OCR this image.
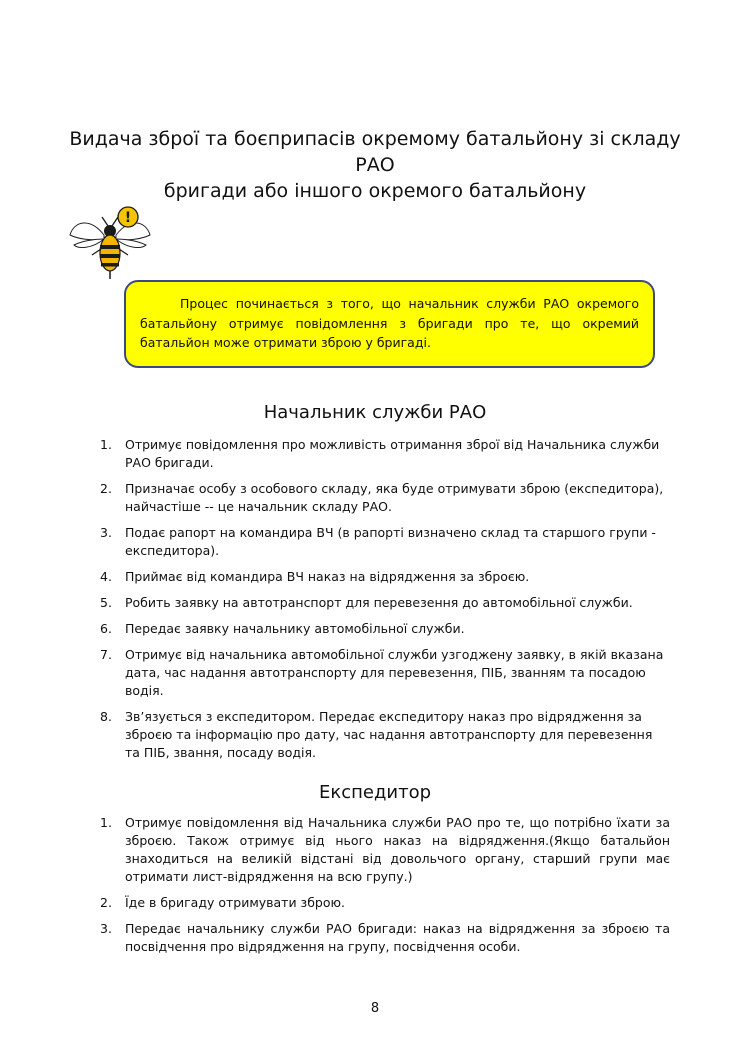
Видача зброї та боєприпасів окремому батальйону зі складу РАО
бригади або іншого окремого батальйону
!

Процес починається з того, що начальник служби РАО окремого батальйону отримує повідомлення з бригади про те, що окремий батальйон може отримати зброю у бригаді.

Начальник служби РАО
1. Отримує повідомлення про можливість отримання зброї від Начальника служби РАО бригади.
2. Призначає особу з особового складу, яка буде отримувати зброю (експедитора), найчастіше -- це начальник складу РАО.
3. Подає рапорт на командира ВЧ (в рапорті визначено склад та старшого групи - експедитора).
4. Приймає від командира ВЧ наказ на відрядження за зброєю.
5. Робить заявку на автотранспорт для перевезення до автомобільної служби.
6. Передає заявку начальнику автомобільної служби.
7. Отримує від начальника автомобільної служби узгоджену заявку, в якій вказана дата, час надання автотранспорту для перевезення, ПІБ, званням та посадою водія.
8. Зв’язується з експедитором. Передає експедитору наказ про відрядження за зброєю та інформацію про дату, час надання автотранспорту для перевезення та ПІБ, звання, посаду водія.
Експедитор
1. Отримує повідомлення від Начальника служби РАО про те, що потрібно їхати за зброєю. Також отримує від нього наказ на відрядження.(Якщо батальйон знаходиться на великій відстані від довольчого органу, старший групи має отримати лист-відрядження на всю групу.)
2. Їде в бригаду отримувати зброю.
3. Передає начальнику служби РАО бригади: наказ на відрядження за зброєю та посвідчення про відрядження на групу, посвідчення особи.
8
